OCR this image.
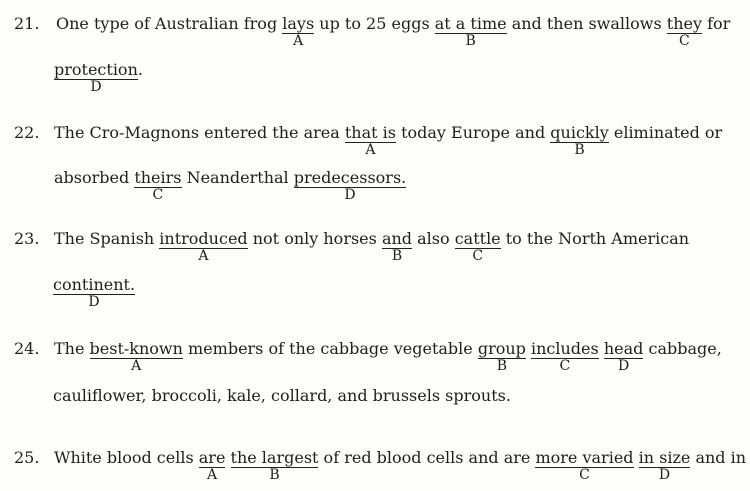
21. One type of Australian frog lays
A
up to 25 eggs at a time
B
and then swallows they
C
for
protection
D
.
22. The Cro-Magnons entered the area that is
A
today Europe and quickly
B
eliminated or
absorbed theirs
C
Neanderthal predecessors.
D
23. The Spanish introduced
A
not only horses and
B
also cattle
C
to the North American
continent.
D
24. The best-known
A
members of the cabbage vegetable group
B
includes
C
head
D
cabbage,
cauliflower, broccoli, kale, collard, and brussels sprouts.
25. White blood cells are
A
the largest
B
of red blood cells and are more varied
C
in size
D
and in
